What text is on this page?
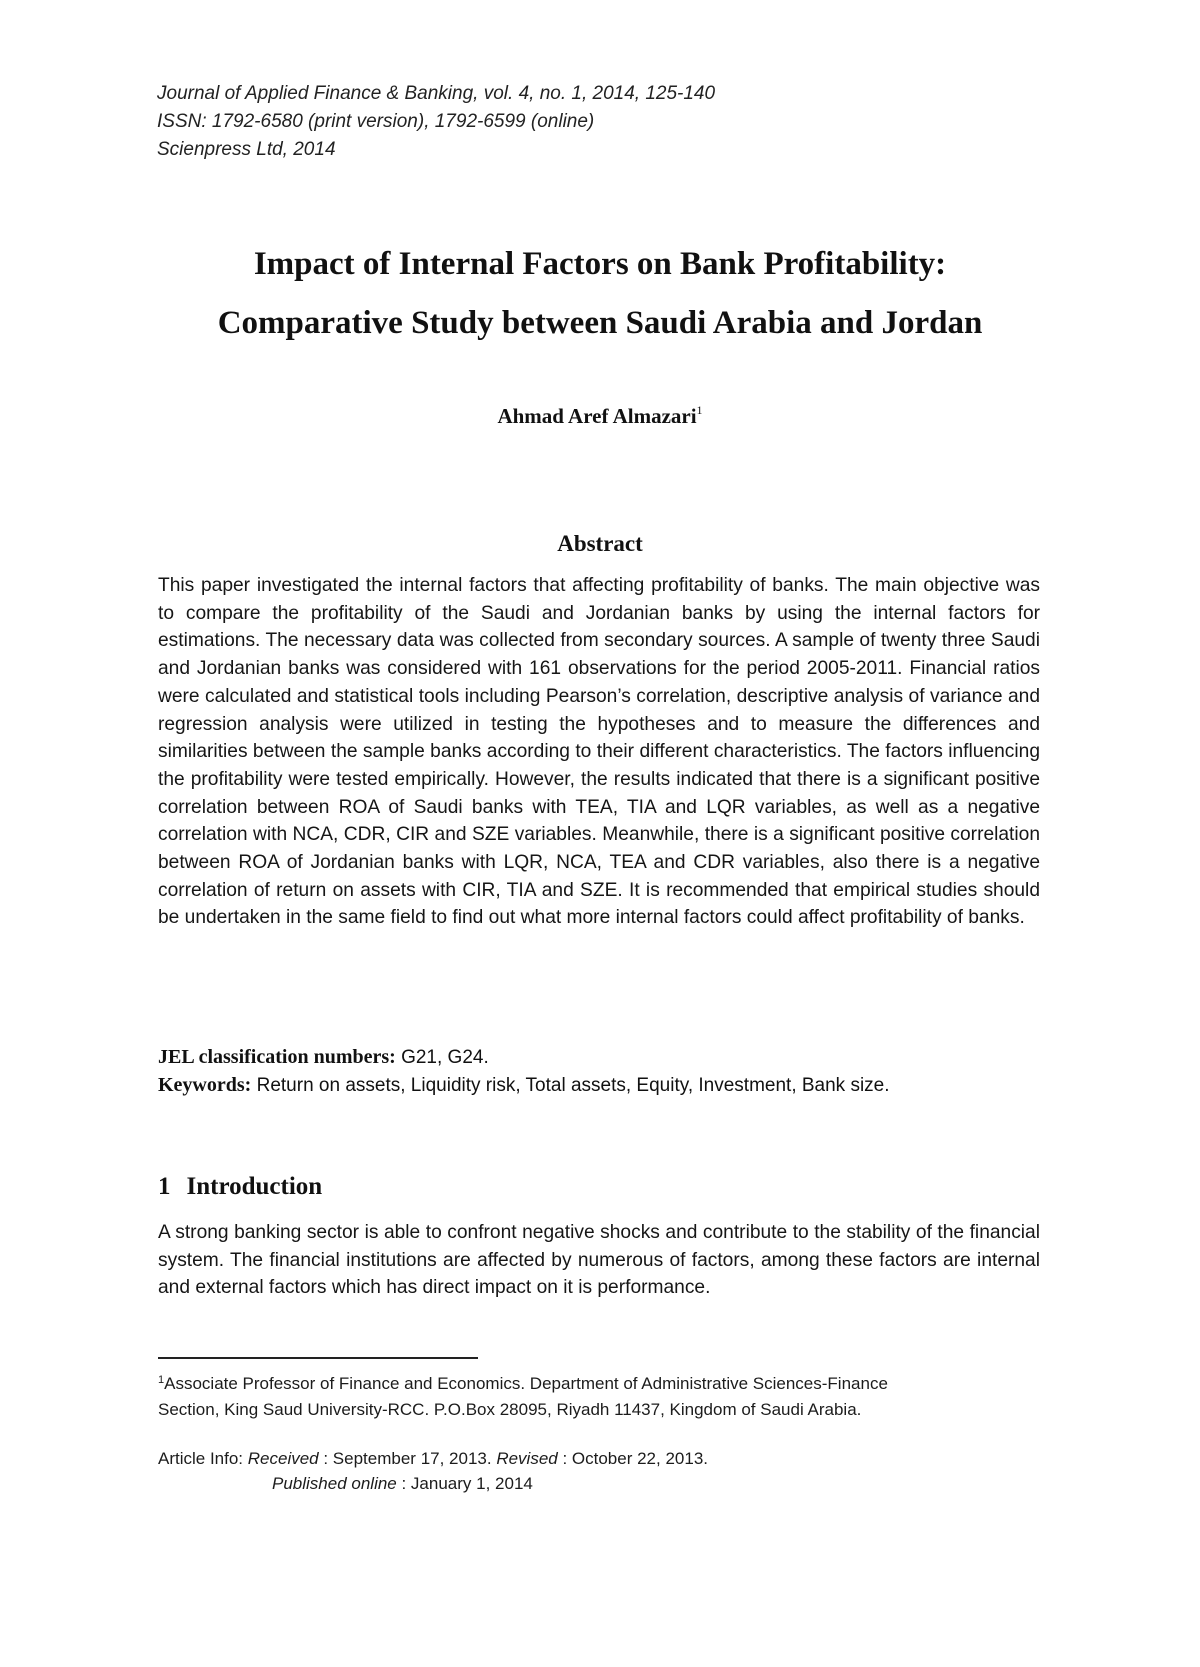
Journal of Applied Finance & Banking, vol. 4, no. 1, 2014, 125-140
ISSN: 1792-6580 (print version), 1792-6599 (online)
Scienpress Ltd, 2014
Impact of Internal Factors on Bank Profitability:
Comparative Study between Saudi Arabia and Jordan
Ahmad Aref Almazari$^1$
Abstract

This paper investigated the internal factors that affecting profitability of banks. The main objective was to compare the profitability of the Saudi and Jordanian banks by using the internal factors for estimations. The necessary data was collected from secondary sources. A sample of twenty three Saudi and Jordanian banks was considered with 161 observations for the period 2005-2011. Financial ratios were calculated and statistical tools including Pearson’s correlation, descriptive analysis of variance and regression analysis were utilized in testing the hypotheses and to measure the differences and similarities between the sample banks according to their different characteristics. The factors influencing the profitability were tested empirically. However, the results indicated that there is a significant positive correlation between ROA of Saudi banks with TEA, TIA and LQR variables, as well as a negative correlation with NCA, CDR, CIR and SZE variables. Meanwhile, there is a significant positive correlation between ROA of Jordanian banks with LQR, NCA, TEA and CDR variables, also there is a negative correlation of return on assets with CIR, TIA and SZE. It is recommended that empirical studies should be undertaken in the same field to find out what more internal factors could affect profitability of banks.

JEL classification numbers: G21, G24.
Keywords: Return on assets, Liquidity risk, Total assets, Equity, Investment, Bank size.
1 Introduction

A strong banking sector is able to confront negative shocks and contribute to the stability of the financial system. The financial institutions are affected by numerous of factors, among these factors are internal and external factors which has direct impact on it is performance.

$^1$Associate Professor of Finance and Economics. Department of Administrative Sciences-Finance
Section, King Saud University-RCC. P.O.Box 28095, Riyadh 11437, Kingdom of Saudi Arabia.
Article Info: Received : September 17, 2013. Revised : October 22, 2013.
Published online : January 1, 2014
